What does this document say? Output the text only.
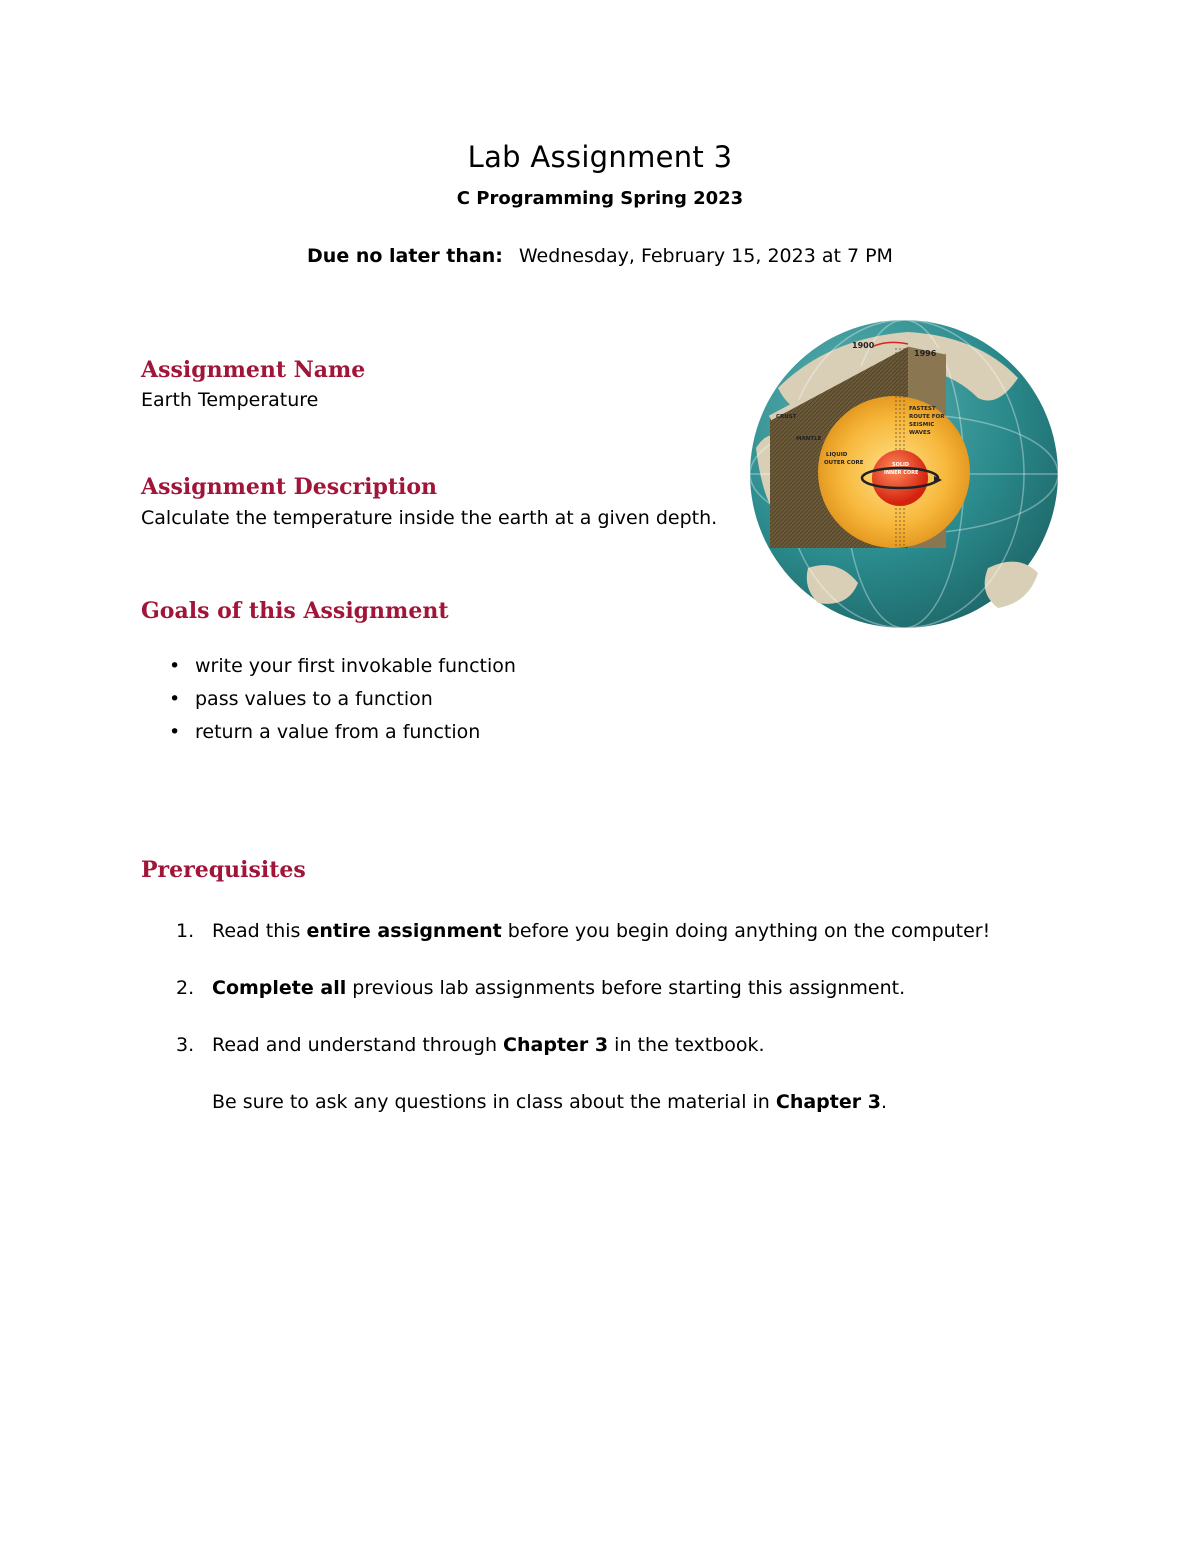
Lab Assignment 3
C Programming Spring 2023
Due no later than: Wednesday, February 15, 2023 at 7 PM
Assignment Name

Earth Temperature

Assignment Description

Calculate the temperature inside the earth at a given depth.

Goals of this Assignment
• write your first invokable function
• pass values to a function
• return a value from a function
Prerequisites
1. Read this entire assignment before you begin doing anything on the computer!
2. Complete all previous lab assignments before starting this assignment.
3. Read and understand through Chapter 3 in the textbook.
Be sure to ask any questions in class about the material in Chapter 3.
1900
1996
CRUST
MANTLE
FASTEST
ROUTE FOR
SEISMIC
WAVES
LIQUID
OUTER CORE	SOLID
INNER CORE
